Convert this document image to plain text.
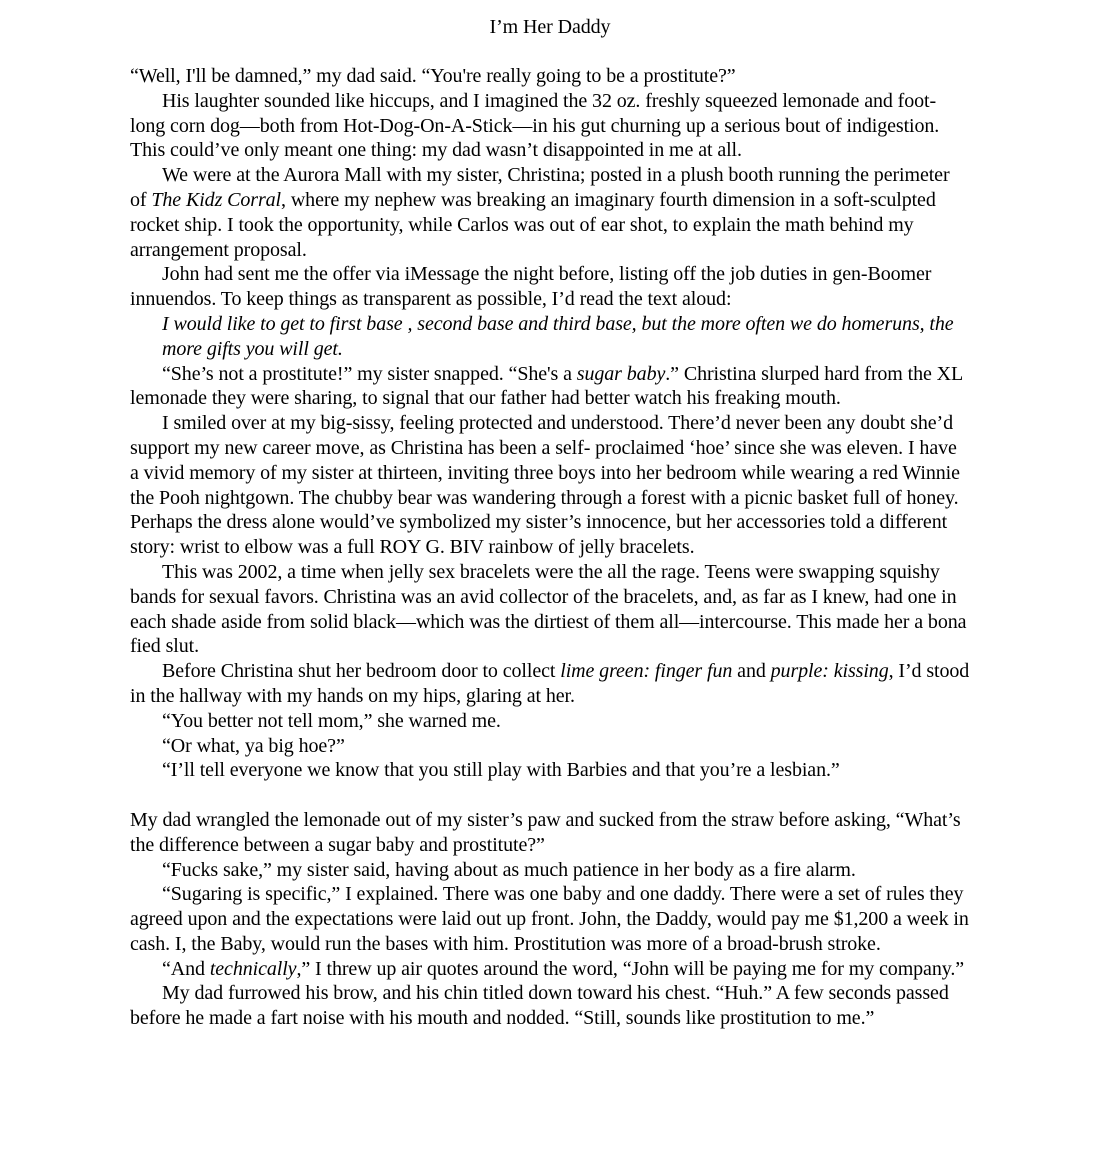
I’m Her Daddy

“Well, I'll be damned,” my dad said. “You're really going to be a prostitute?”

His laughter sounded like hiccups, and I imagined the 32 oz. freshly squeezed lemonade and foot-long corn dog—both from Hot-Dog-On-A-Stick—in his gut churning up a serious bout of indigestion. This could’ve only meant one thing: my dad wasn’t disappointed in me at all.

We were at the Aurora Mall with my sister, Christina; posted in a plush booth running the perimeter of The Kidz Corral, where my nephew was breaking an imaginary fourth dimension in a soft-sculpted rocket ship. I took the opportunity, while Carlos was out of ear shot, to explain the math behind my arrangement proposal.

John had sent me the offer via iMessage the night before, listing off the job duties in gen-Boomer innuendos. To keep things as transparent as possible, I’d read the text aloud:

I would like to get to first base , second base and third base, but the more often we do homeruns, the more gifts you will get.

“She’s not a prostitute!” my sister snapped. “She's a sugar baby.” Christina slurped hard from the XL lemonade they were sharing, to signal that our father had better watch his freaking mouth.

I smiled over at my big-sissy, feeling protected and understood. There’d never been any doubt she’d support my new career move, as Christina has been a self- proclaimed ‘hoe’ since she was eleven. I have a vivid memory of my sister at thirteen, inviting three boys into her bedroom while wearing a red Winnie the Pooh nightgown. The chubby bear was wandering through a forest with a picnic basket full of honey. Perhaps the dress alone would’ve symbolized my sister’s innocence, but her accessories told a different story: wrist to elbow was a full ROY G. BIV rainbow of jelly bracelets.

This was 2002, a time when jelly sex bracelets were the all the rage. Teens were swapping squishy bands for sexual favors. Christina was an avid collector of the bracelets, and, as far as I knew, had one in each shade aside from solid black—which was the dirtiest of them all—intercourse. This made her a bona fied slut.

Before Christina shut her bedroom door to collect lime green: finger fun and purple: kissing, I’d stood in the hallway with my hands on my hips, glaring at her.

“You better not tell mom,” she warned me.

“Or what, ya big hoe?”

“I’ll tell everyone we know that you still play with Barbies and that you’re a lesbian.”

My dad wrangled the lemonade out of my sister’s paw and sucked from the straw before asking, “What’s the difference between a sugar baby and prostitute?”

“Fucks sake,” my sister said, having about as much patience in her body as a fire alarm.

“Sugaring is specific,” I explained. There was one baby and one daddy. There were a set of rules they agreed upon and the expectations were laid out up front. John, the Daddy, would pay me $1,200 a week in cash. I, the Baby, would run the bases with him. Prostitution was more of a broad-brush stroke.

“And technically,” I threw up air quotes around the word, “John will be paying me for my company.”

My dad furrowed his brow, and his chin titled down toward his chest. “Huh.” A few seconds passed before he made a fart noise with his mouth and nodded. “Still, sounds like prostitution to me.”
